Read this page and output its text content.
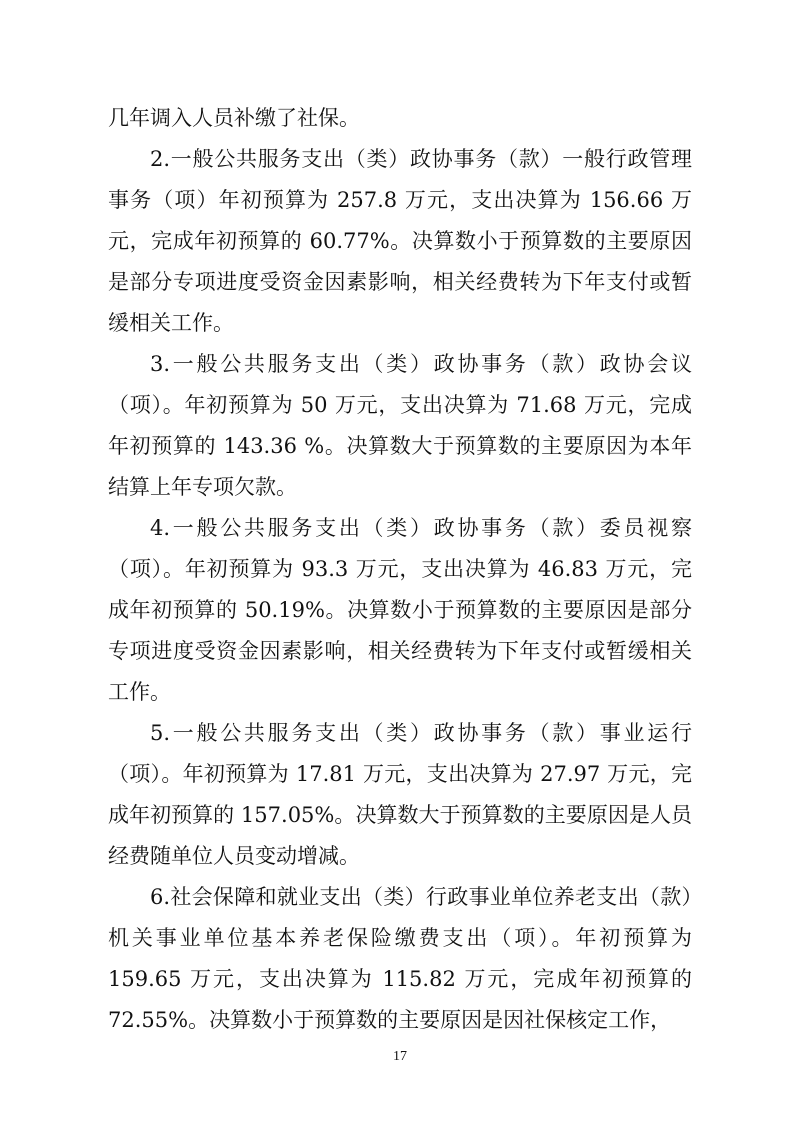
几年调入人员补缴了社保。

2.一般公共服务支出（类）政协事务（款）一般行政管理事务（项）年初预算为 257.8 万元，支出决算为 156.66 万元，完成年初预算的 60.77%。决算数小于预算数的主要原因是部分专项进度受资金因素影响，相关经费转为下年支付或暂缓相关工作。

3.一般公共服务支出（类）政协事务（款）政协会议（项）。年初预算为 50 万元，支出决算为 71.68 万元，完成年初预算的 143.36 %。决算数大于预算数的主要原因为本年结算上年专项欠款。

4.一般公共服务支出（类）政协事务（款）委员视察（项）。年初预算为 93.3 万元，支出决算为 46.83 万元，完成年初预算的 50.19%。决算数小于预算数的主要原因是部分专项进度受资金因素影响，相关经费转为下年支付或暂缓相关工作。

5.一般公共服务支出（类）政协事务（款）事业运行（项）。年初预算为 17.81 万元，支出决算为 27.97 万元，完成年初预算的 157.05%。决算数大于预算数的主要原因是人员经费随单位人员变动增减。

6.社会保障和就业支出（类）行政事业单位养老支出（款）机关事业单位基本养老保险缴费支出（项）。年初预算为 159.65 万元，支出决算为 115.82 万元，完成年初预算的 72.55%。决算数小于预算数的主要原因是因社保核定工作，

17
